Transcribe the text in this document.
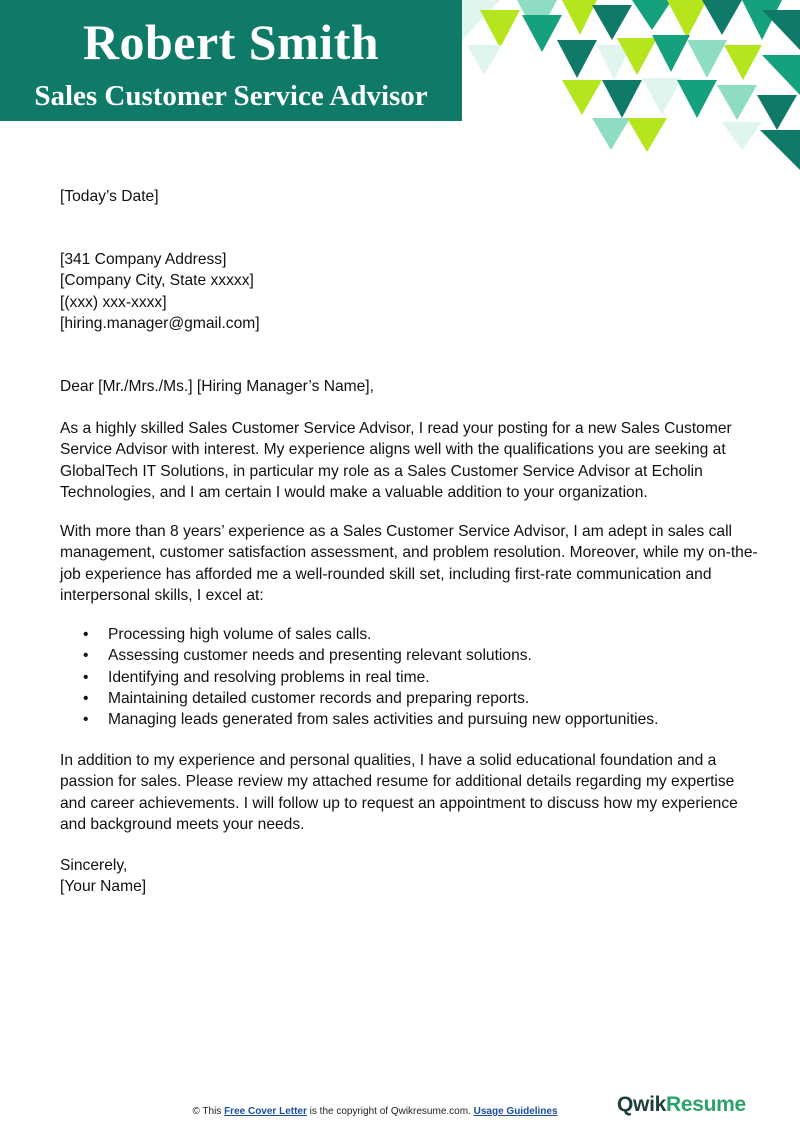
Robert Smith
Sales Customer Service Advisor

[Today’s Date]

[341 Company Address]

[Company City, State xxxxx]

[(xxx) xxx-xxxx]

[hiring.manager@gmail.com]

Dear [Mr./Mrs./Ms.] [Hiring Manager’s Name],

As a highly skilled Sales Customer Service Advisor, I read your posting for a new Sales Customer Service Advisor with interest. My experience aligns well with the qualifications you are seeking at GlobalTech IT Solutions, in particular my role as a Sales Customer Service Advisor at Echolin Technologies, and I am certain I would make a valuable addition to your organization.

With more than 8 years’ experience as a Sales Customer Service Advisor, I am adept in sales call management, customer satisfaction assessment, and problem resolution. Moreover, while my on-the-job experience has afforded me a well-rounded skill set, including first-rate communication and interpersonal skills, I excel at:

• Processing high volume of sales calls.
• Assessing customer needs and presenting relevant solutions.
• Identifying and resolving problems in real time.
• Maintaining detailed customer records and preparing reports.
• Managing leads generated from sales activities and pursuing new opportunities.

In addition to my experience and personal qualities, I have a solid educational foundation and a passion for sales. Please review my attached resume for additional details regarding my expertise and career achievements. I will follow up to request an appointment to discuss how my experience and background meets your needs.

Sincerely,

[Your Name]

© This Free Cover Letter is the copyright of Qwikresume.com. Usage Guidelines	QwikResume
